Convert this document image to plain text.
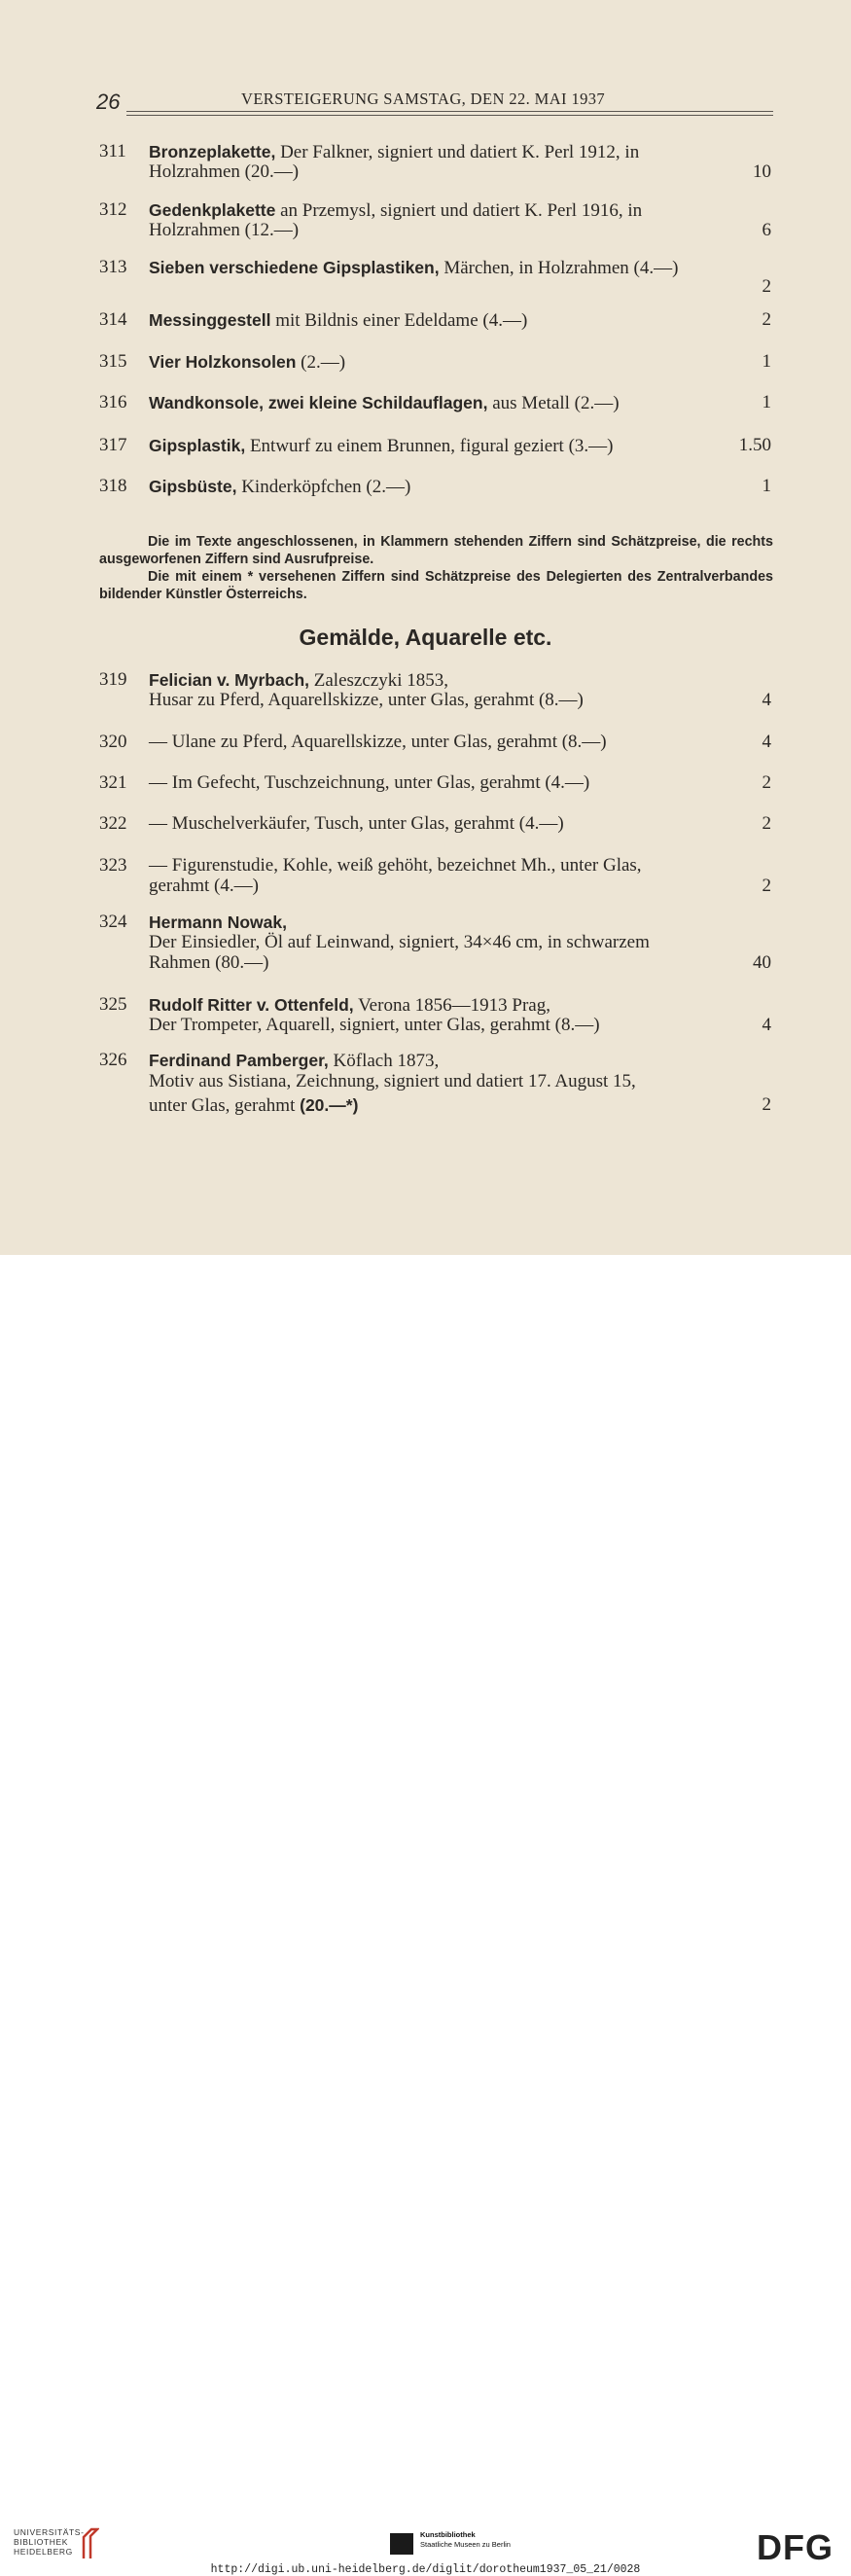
26	VERSTEIGERUNG SAMSTAG, DEN 22. MAI 1937
311 Bronzeplakette, Der Falkner, signiert und datiert K. Perl 1912, in
Holzrahmen (20.—)	10
312 Gedenkplakette an Przemysl, signiert und datiert K. Perl 1916, in
Holzrahmen (12.—)	6
313 Sieben verschiedene Gipsplastiken, Märchen, in Holzrahmen (4.—)
2
314 Messinggestell mit Bildnis einer Edeldame (4.—)	2
315 Vier Holzkonsolen (2.—)	1
316 Wandkonsole, zwei kleine Schildauflagen, aus Metall (2.—)	1
317 Gipsplastik, Entwurf zu einem Brunnen, figural geziert (3.—)	1.50
318 Gipsbüste, Kinderköpfchen (2.—)	1
Die im Texte angeschlossenen, in Klammern stehenden Ziffern sind Schätzpreise, die rechts ausgeworfenen Ziffern sind Ausrufpreise.
Die mit einem * versehenen Ziffern sind Schätzpreise des Delegierten des Zentralverbandes bildender Künstler Österreichs.
Gemälde, Aquarelle etc.
319 Felician v. Myrbach, Zaleszczyki 1853,
Husar zu Pferd, Aquarellskizze, unter Glas, gerahmt (8.—)	4
320 — Ulane zu Pferd, Aquarellskizze, unter Glas, gerahmt (8.—)	4
321 — Im Gefecht, Tuschzeichnung, unter Glas, gerahmt (4.—)	2
322 — Muschelverkäufer, Tusch, unter Glas, gerahmt (4.—)	2
323 — Figurenstudie, Kohle, weiß gehöht, bezeichnet Mh., unter Glas,
gerahmt (4.—)	2
324 Hermann Nowak,
Der Einsiedler, Öl auf Leinwand, signiert, 34×46 cm, in schwarzem
Rahmen (80.—)	40
325 Rudolf Ritter v. Ottenfeld, Verona 1856—1913 Prag,
Der Trompeter, Aquarell, signiert, unter Glas, gerahmt (8.—)	4
326 Ferdinand Pamberger, Köflach 1873,
Motiv aus Sistiana, Zeichnung, signiert und datiert 17. August 15,
unter Glas, gerahmt (20.—*)	2
UNIVERSITÄTS-
BIBLIOTHEK
HEIDELBERG
Kunstbibliothek
Staatliche Museen zu Berlin	DFG
http://digi.ub.uni-heidelberg.de/diglit/dorotheum1937_05_21/0028
